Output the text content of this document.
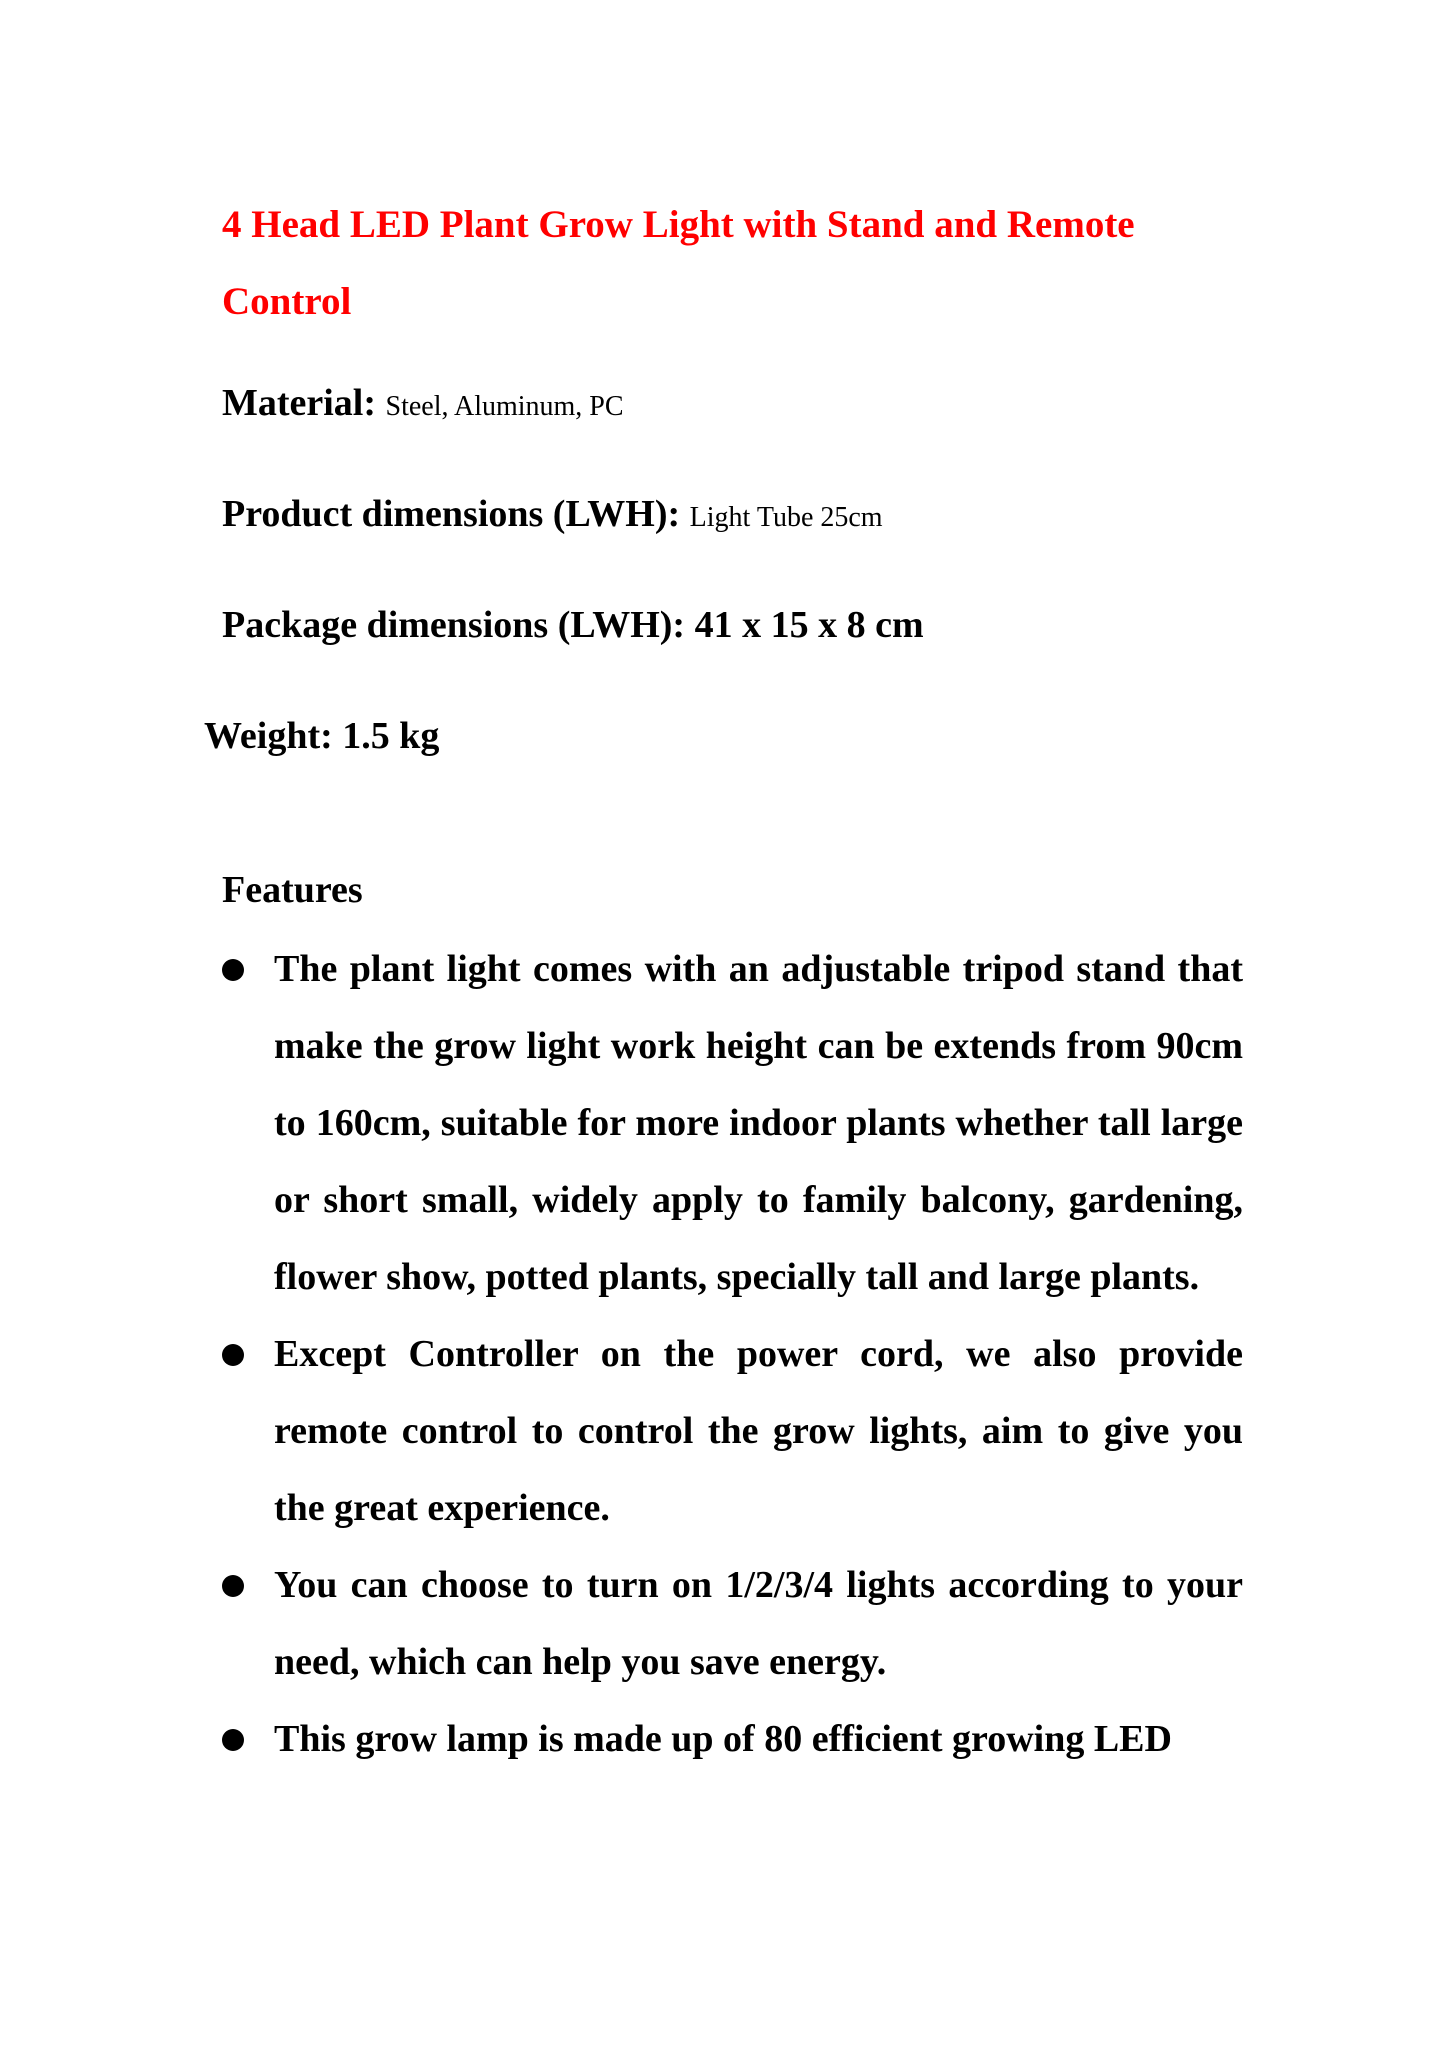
4 Head LED Plant Grow Light with Stand and Remote Control

Material: Steel, Aluminum, PC

Product dimensions (LWH): Light Tube 25cm

Package dimensions (LWH): 41 x 15 x 8 cm

Weight: 1.5 kg

Features
The plant light comes with an adjustable tripod stand that make the grow light work height can be extends from 90cm to 160cm, suitable for more indoor plants whether tall large or short small, widely apply to family balcony, gardening, flower show, potted plants, specially tall and large plants.
Except Controller on the power cord, we also provide remote control to control the grow lights, aim to give you the great experience.
You can choose to turn on 1/2/3/4 lights according to your need, which can help you save energy.
This grow lamp is made up of 80 efficient growing LED
